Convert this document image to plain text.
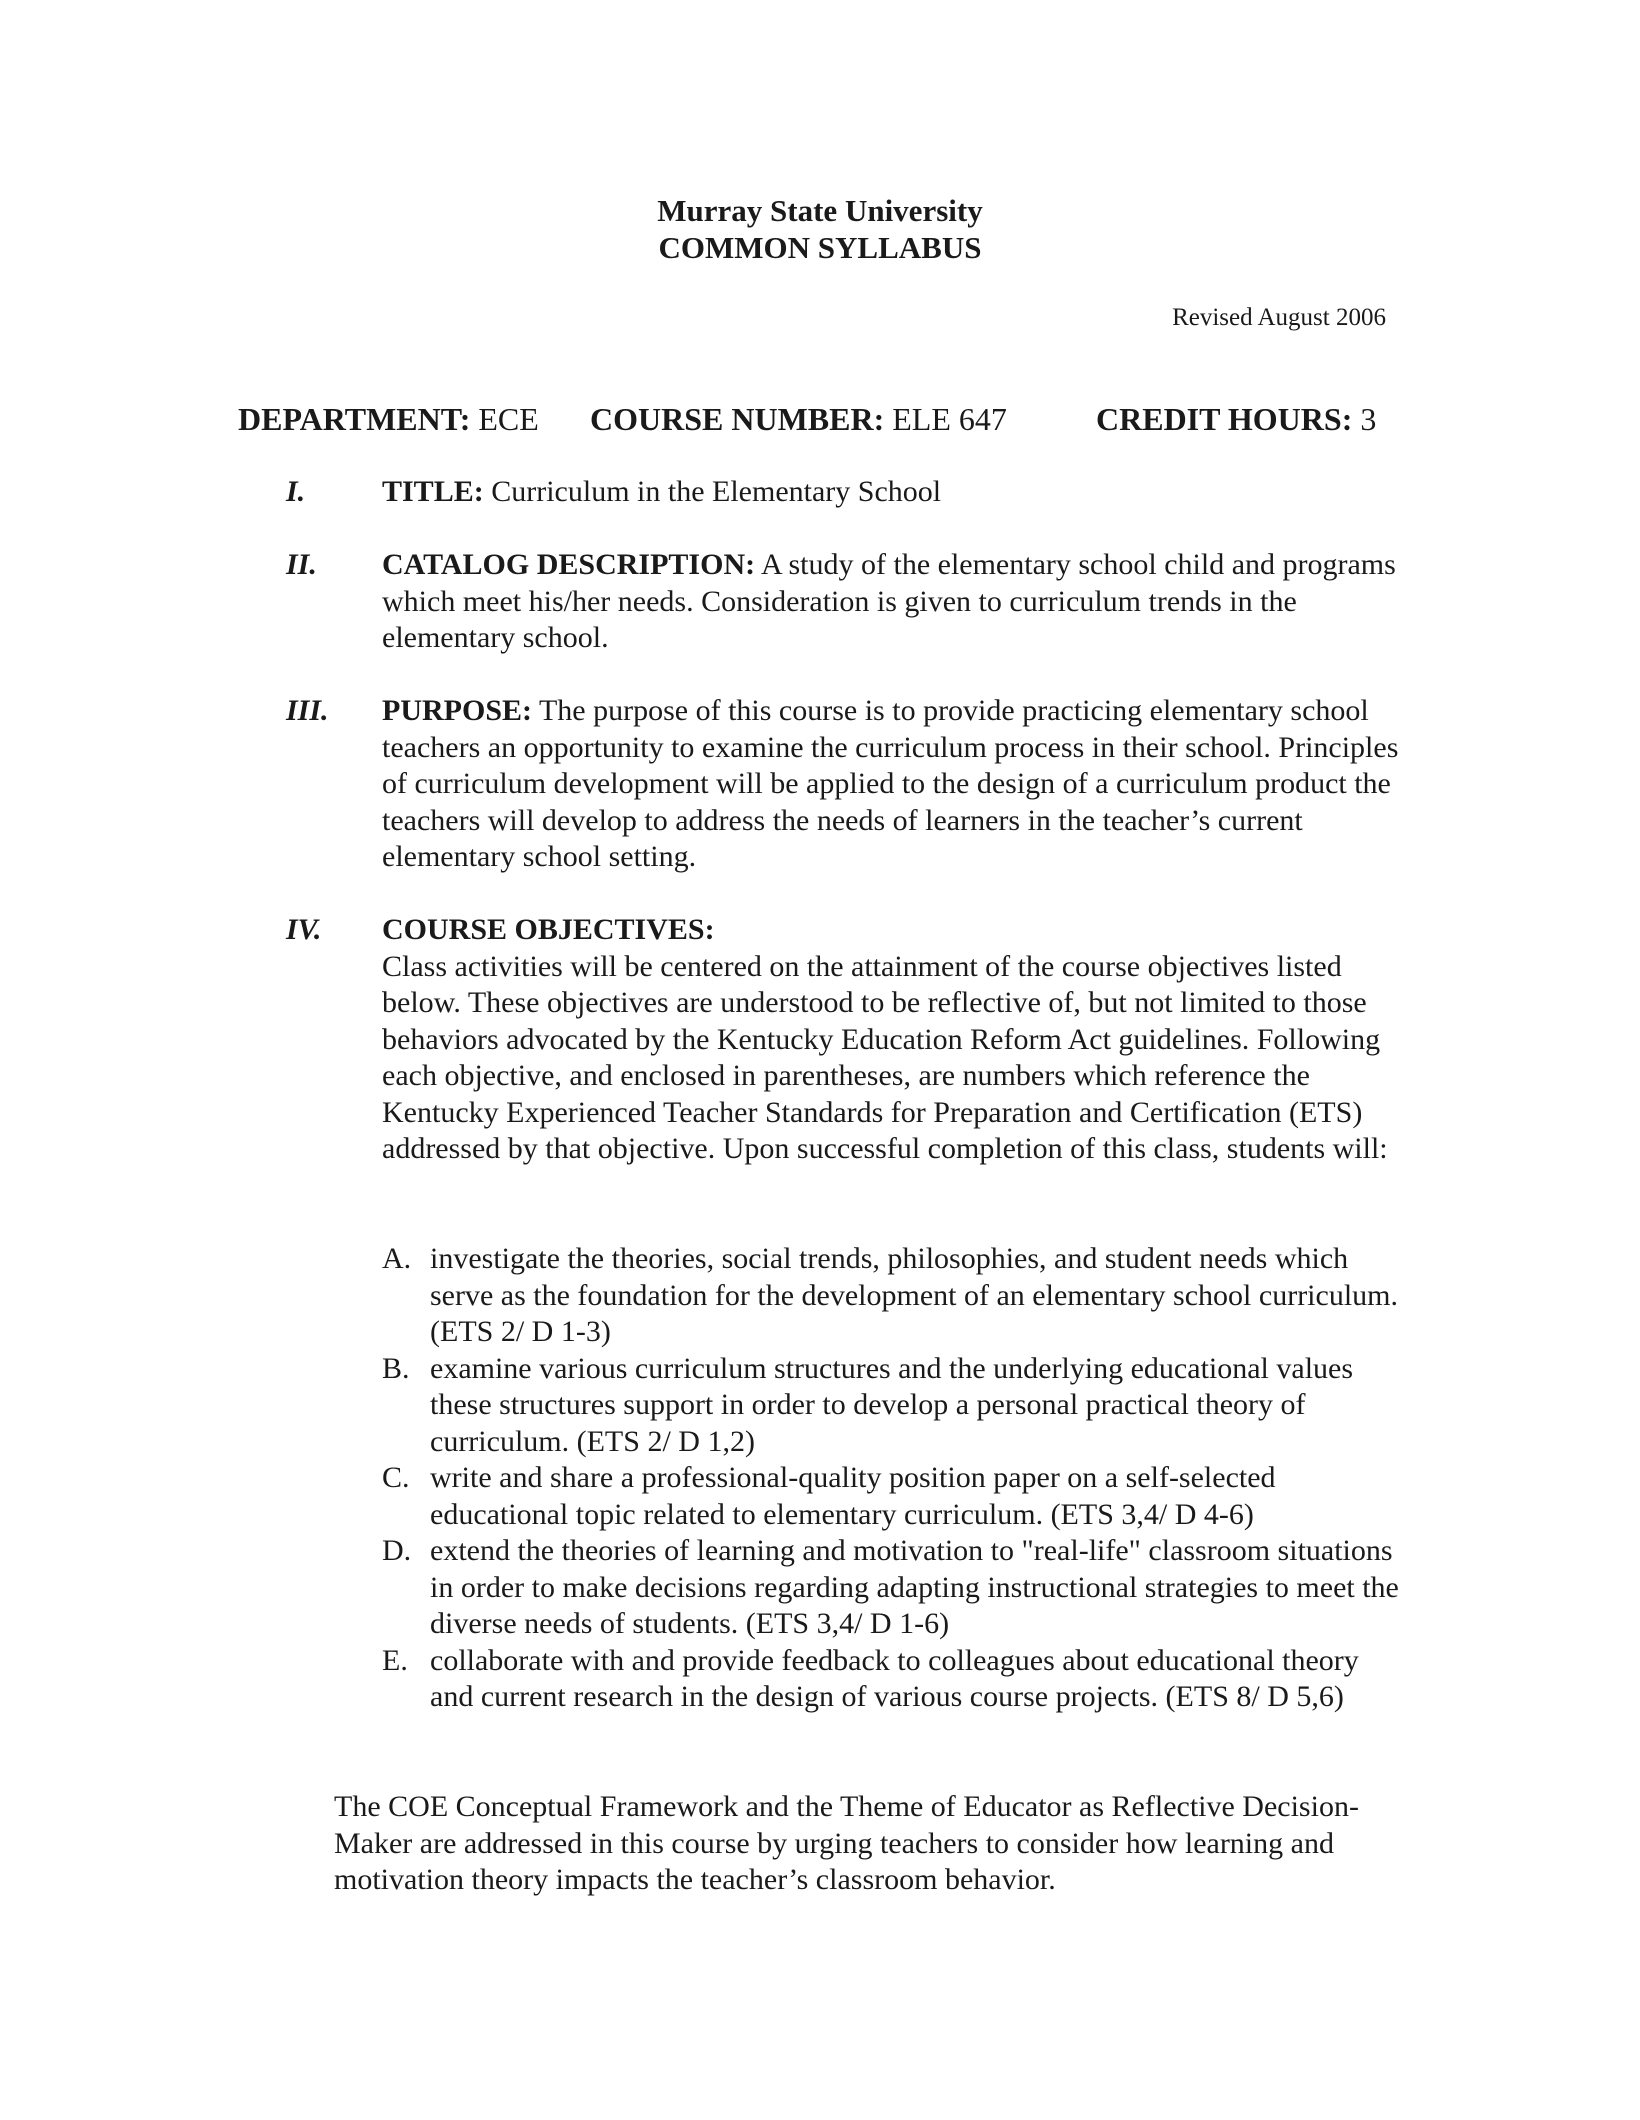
Murray State University
COMMON SYLLABUS
Revised August 2006
DEPARTMENT: ECE COURSE NUMBER: ELE 647	CREDIT HOURS: 3
I.	TITLE: Curriculum in the Elementary School
II. CATALOG DESCRIPTION: A study of the elementary school child and programs which meet his/her needs. Consideration is given to curriculum trends in the elementary school.
III. PURPOSE: The purpose of this course is to provide practicing elementary school teachers an opportunity to examine the curriculum process in their school. Principles of curriculum development will be applied to the design of a curriculum product the teachers will develop to address the needs of learners in the teacher’s current elementary school setting.
IV. COURSE OBJECTIVES:
Class activities will be centered on the attainment of the course objectives listed below. These objectives are understood to be reflective of, but not limited to those behaviors advocated by the Kentucky Education Reform Act guidelines. Following each objective, and enclosed in parentheses, are numbers which reference the Kentucky Experienced Teacher Standards for Preparation and Certification (ETS) addressed by that objective. Upon successful completion of this class, students will:
A. investigate the theories, social trends, philosophies, and student needs which serve as the foundation for the development of an elementary school curriculum. (ETS 2/ D 1-3)
B. examine various curriculum structures and the underlying educational values these structures support in order to develop a personal practical theory of curriculum. (ETS 2/ D 1,2)
C. write and share a professional-quality position paper on a self-selected educational topic related to elementary curriculum. (ETS 3,4/ D 4-6)
D. extend the theories of learning and motivation to "real-life" classroom situations in order to make decisions regarding adapting instructional strategies to meet the diverse needs of students. (ETS 3,4/ D 1-6)
E. collaborate with and provide feedback to colleagues about educational theory and current research in the design of various course projects. (ETS 8/ D 5,6)
The COE Conceptual Framework and the Theme of Educator as Reflective Decision-Maker are addressed in this course by urging teachers to consider how learning and motivation theory impacts the teacher’s classroom behavior.
